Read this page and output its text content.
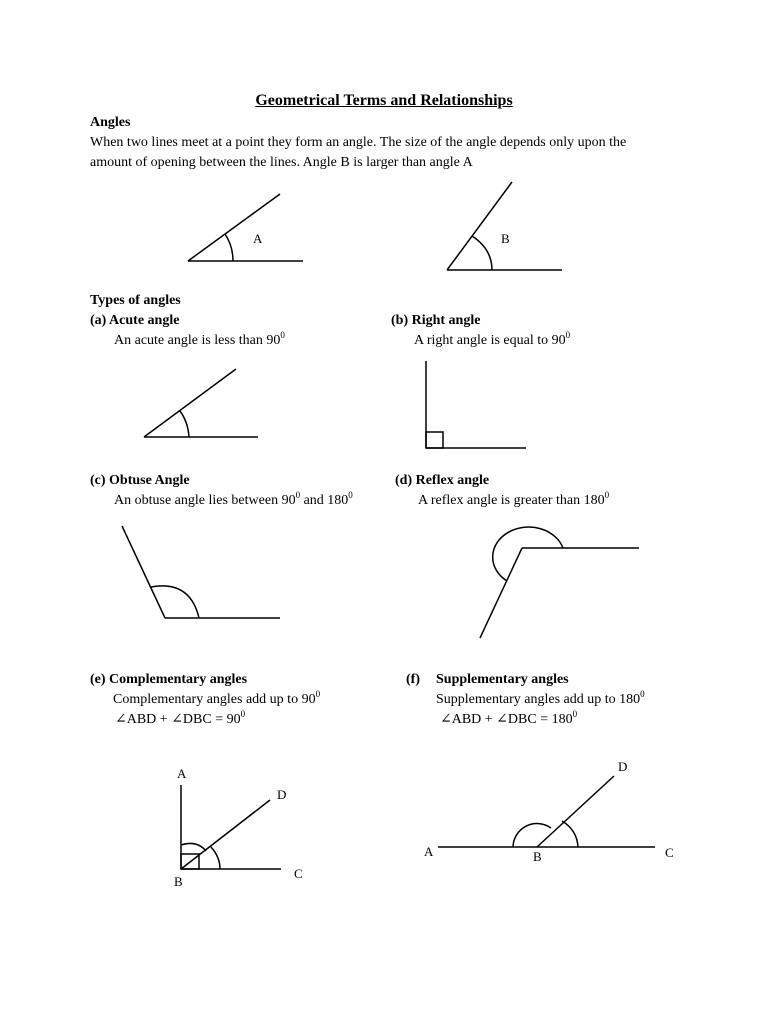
Geometrical Terms and Relationships
Angles
When two lines meet at a point they form an angle. The size of the angle depends only upon the
amount of opening between the lines. Angle B is larger than angle A
Types of angles
(a) Acute angle
An acute angle is less than $90^0$
(b) Right angle
A right angle is equal to $90^0$
(c) Obtuse Angle
An obtuse angle lies between $90^0$ and $180^0$
(d) Reflex angle
A reflex angle is greater than $180^0$
(e) Complementary angles
Complementary angles add up to $90^0$
∠ABD + ∠DBC = $90^0$
(f) Supplementary angles
Supplementary angles add up to $180^0$
∠ABD + ∠DBC = $180^0$
A	B
A
B
C
D
A	B	C
D
